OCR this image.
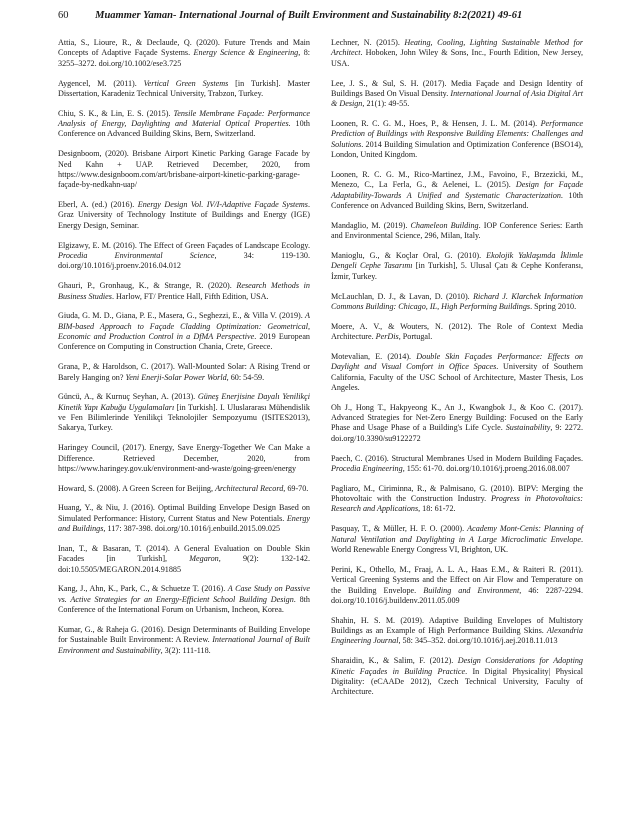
60	Muammer Yaman- International Journal of Built Environment and Sustainability 8:2(2021) 49-61

Attia, S., Lioure, R., & Declaude, Q. (2020). Future Trends and Main Concepts of Adaptive Façade Systems. Energy Science & Engineering, 8: 3255–3272. doi.org/10.1002/ese3.725

Aygencel, M. (2011). Vertical Green Systems [in Turkish]. Master Dissertation, Karadeniz Technical University, Trabzon, Turkey.

Chiu, S. K., & Lin, E. S. (2015). Tensile Membrane Façade: Performance Analysis of Energy, Daylighting and Material Optical Properties. 10th Conference on Advanced Building Skins, Bern, Switzerland.

Designboom, (2020). Brisbane Airport Kinetic Parking Garage Facade by Ned Kahn + UAP. Retrieved December, 2020, from https://www.designboom.com/art/brisbane-airport-kinetic-parking-garage-façade-by-nedkahn-uap/

Eberl, A. (ed.) (2016). Energy Design Vol. IV/I-Adaptive Façade Systems. Graz University of Technology Institute of Buildings and Energy (IGE) Energy Design, Seminar.

Elgizawy, E. M. (2016). The Effect of Green Façades of Landscape Ecology. Procedia Environmental Science, 34: 119-130. doi.org/10.1016/j.proenv.2016.04.012

Ghauri, P., Gronhaug, K., & Strange, R. (2020). Research Methods in Business Studies. Harlow, FT/ Prentice Hall, Fifth Edition, USA.

Giuda, G. M. D., Giana, P. E., Masera, G., Seghezzi, E., & Villa V. (2019). A BIM-based Approach to Façade Cladding Optimization: Geometrical, Economic and Production Control in a DfMA Perspective. 2019 European Conference on Computing in Construction Chania, Crete, Greece.

Grana, P., & Haroldson, C. (2017). Wall-Mounted Solar: A Rising Trend or Barely Hanging on? Yeni Enerji-Solar Power World, 60: 54-59.

Güncü, A., & Kurnuç Seyhan, A. (2013). Güneş Enerjisine Dayalı Yenilikçi Kinetik Yapı Kabuğu Uygulamaları [in Turkish]. I. Uluslararası Mühendislik ve Fen Bilimlerinde Yenilikçi Teknolojiler Sempozyumu (ISITES2013), Sakarya, Turkey.

Haringey Council, (2017). Energy, Save Energy-Together We Can Make a Difference. Retrieved December, 2020, from https://www.haringey.gov.uk/environment-and-waste/going-green/energy

Howard, S. (2008). A Green Screen for Beijing, Architectural Record, 69-70.

Huang, Y., & Niu, J. (2016). Optimal Building Envelope Design Based on Simulated Performance: History, Current Status and New Potentials. Energy and Buildings, 117: 387-398. doi.org/10.1016/j.enbuild.2015.09.025

Inan, T., & Basaran, T. (2014). A General Evaluation on Double Skin Facades [in Turkish], Megaron, 9(2): 132-142. doi:10.5505/MEGARON.2014.91885

Kang, J., Ahn, K., Park, C., & Schuetze T. (2016). A Case Study on Passive vs. Active Strategies for an Energy-Efficient School Building Design. 8th Conference of the International Forum on Urbanism, Incheon, Korea.

Kumar, G., & Raheja G. (2016). Design Determinants of Building Envelope for Sustainable Built Environment: A Review. International Journal of Built Environment and Sustainability, 3(2): 111-118.

Lechner, N. (2015). Heating, Cooling, Lighting Sustainable Method for Architect. Hoboken, John Wiley & Sons, Inc., Fourth Edition, New Jersey, USA.

Lee, J. S., & Sul, S. H. (2017). Media Façade and Design Identity of Buildings Based On Visual Density. International Journal of Asia Digital Art & Design, 21(1): 49-55.

Loonen, R. C. G. M., Hoes, P., & Hensen, J. L. M. (2014). Performance Prediction of Buildings with Responsive Building Elements: Challenges and Solutions. 2014 Building Simulation and Optimization Conference (BSO14), London, United Kingdom.

Loonen, R. C. G. M., Rico-Martinez, J.M., Favoino, F., Brzezicki, M., Menezo, C., La Ferla, G., & Aelenei, L. (2015). Design for Façade Adaptability-Towards A Unified and Systematic Characterization. 10th Conference on Advanced Building Skins, Bern, Switzerland.

Mandaglio, M. (2019). Chameleon Building. IOP Conference Series: Earth and Environmental Science, 296, Milan, Italy.

Manioglu, G., & Koçlar Oral, G. (2010). Ekolojik Yaklaşımda İklimle Dengeli Cephe Tasarımı [in Turkish], 5. Ulusal Çatı & Cephe Konferansı, İzmir, Turkey.

McLauchlan, D. J., & Lavan, D. (2010). Richard J. Klarchek Information Commons Building: Chicago, IL, High Performing Buildings. Spring 2010.

Moere, A. V., & Wouters, N. (2012). The Role of Context Media Architecture. PerDis, Portugal.

Motevalian, E. (2014). Double Skin Façades Performance: Effects on Daylight and Visual Comfort in Office Spaces. University of Southern California, Faculty of the USC School of Architecture, Master Thesis, Los Angeles.

Oh J., Hong T., Hakpyeong K., An J., Kwangbok J., & Koo C. (2017). Advanced Strategies for Net-Zero Energy Building: Focused on the Early Phase and Usage Phase of a Building's Life Cycle. Sustainability, 9: 2272. doi.org/10.3390/su9122272

Paech, C. (2016). Structural Membranes Used in Modern Building Façades. Procedia Engineering, 155: 61-70. doi.org/10.1016/j.proeng.2016.08.007

Pagliaro, M., Ciriminna, R., & Palmisano, G. (2010). BIPV: Merging the Photovoltaic with the Construction Industry. Progress in Photovoltaics: Research and Applications, 18: 61-72.

Pasquay, T., & Müller, H. F. O. (2000). Academy Mont-Cenis: Planning of Natural Ventilation and Daylighting in A Large Microclimatic Envelope. World Renewable Energy Congress VI, Brighton, UK.

Perini, K., Othello, M., Fraaj, A. L. A., Haas E.M., & Raiteri R. (2011). Vertical Greening Systems and the Effect on Air Flow and Temperature on the Building Envelope. Building and Environment, 46: 2287-2294. doi.org/10.1016/j.buildenv.2011.05.009

Shahin, H. S. M. (2019). Adaptive Building Envelopes of Multistory Buildings as an Example of High Performance Building Skins. Alexandria Engineering Journal, 58: 345–352. doi.org/10.1016/j.aej.2018.11.013

Sharaidin, K., & Salim, F. (2012). Design Considerations for Adopting Kinetic Façades in Building Practice. In Digital Physicality| Physical Digitality: (eCAADe 2012), Czech Technical University, Faculty of Architecture.
